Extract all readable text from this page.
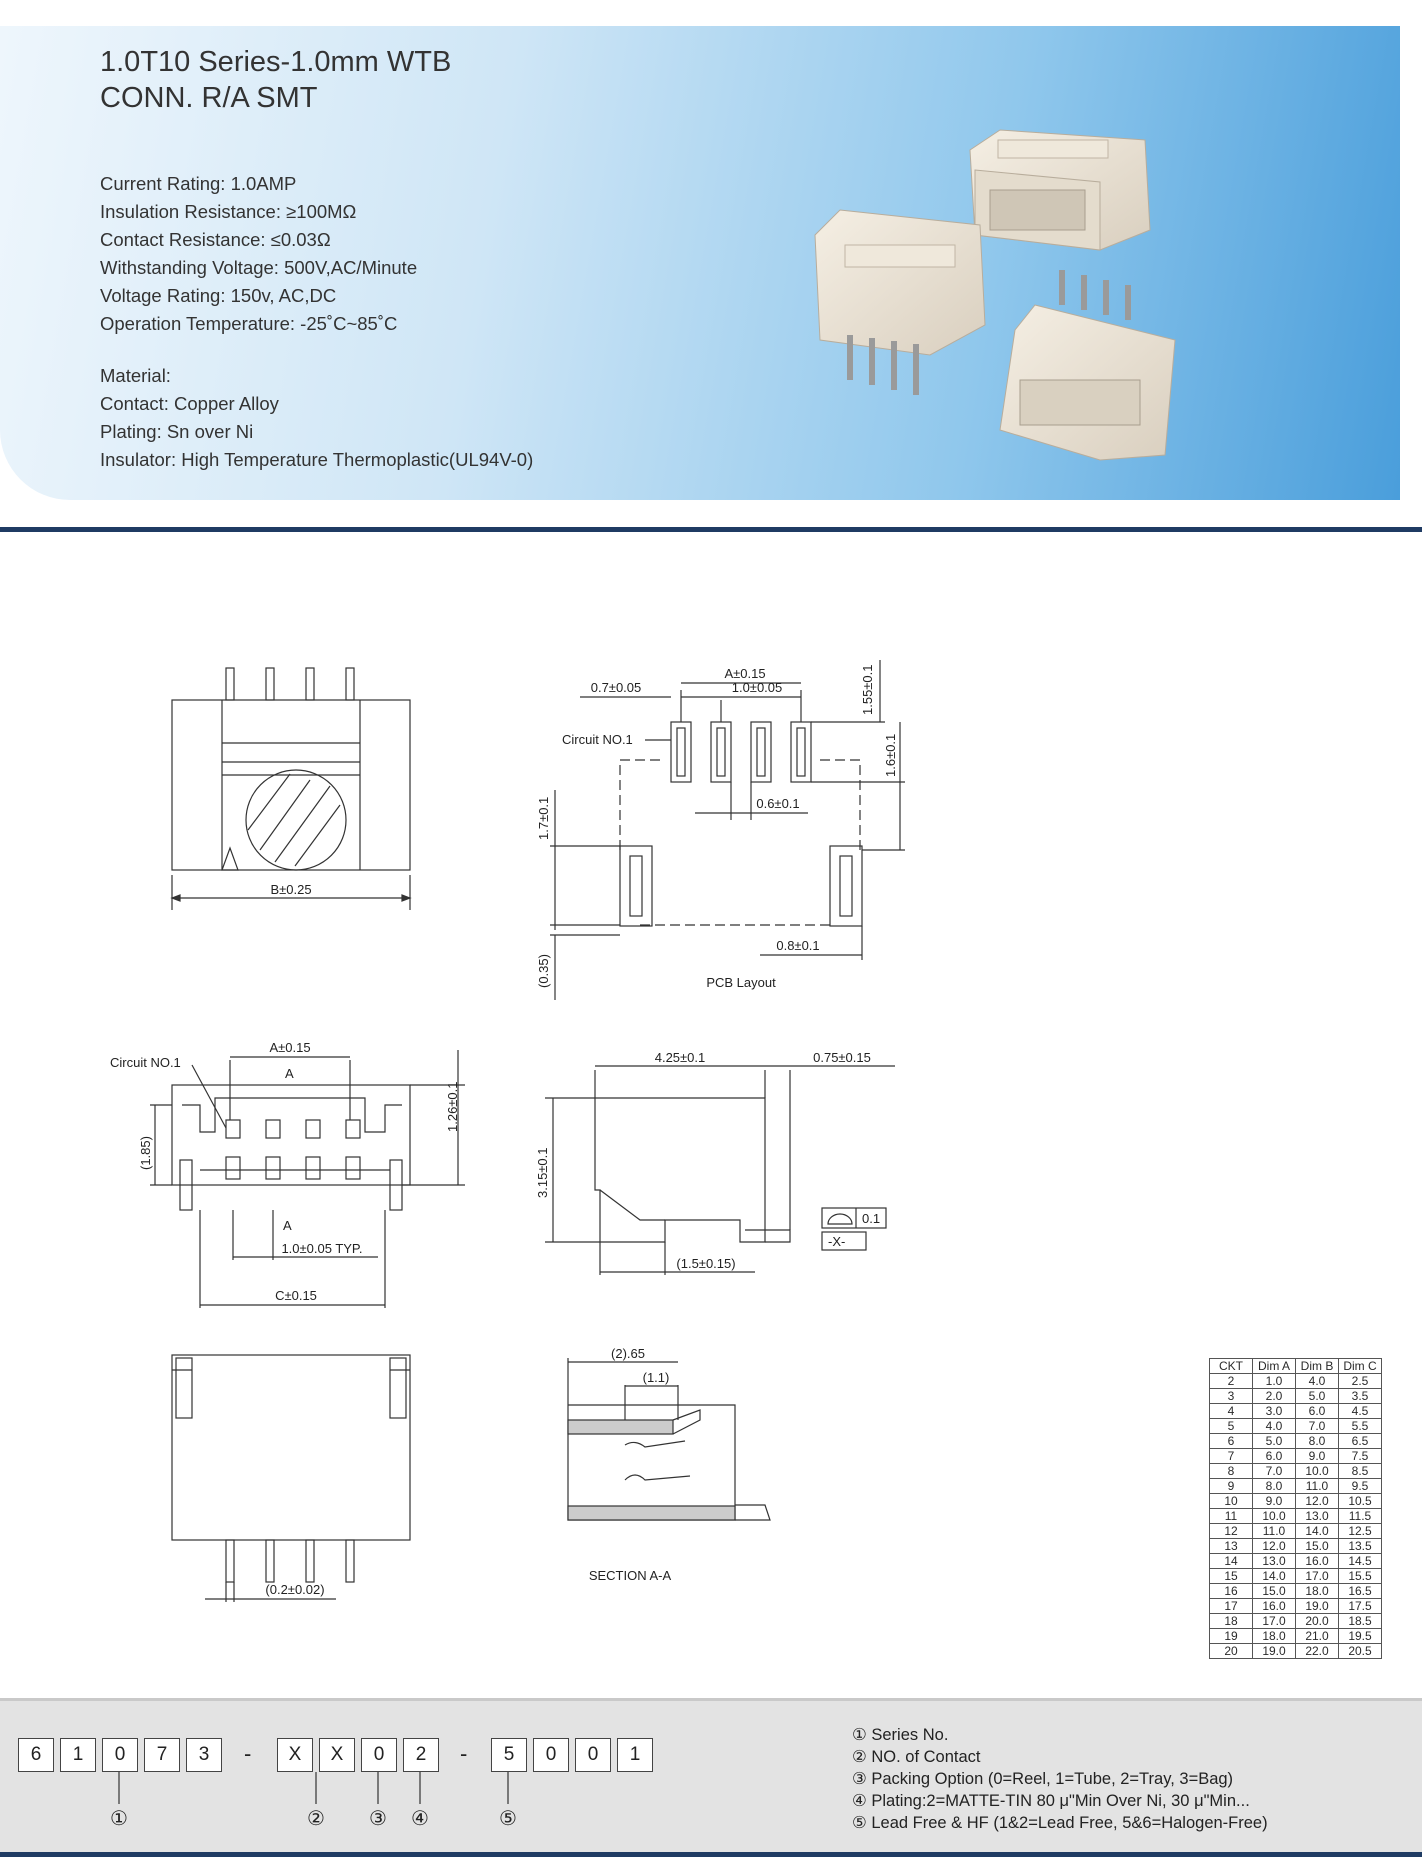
1.0T10 Series-1.0mm WTB
CONN. R/A SMT
Current Rating: 1.0AMP
Insulation Resistance: ≥100MΩ
Contact Resistance: ≤0.03Ω
Withstanding Voltage: 500V,AC/Minute
Voltage Rating: 150v, AC,DC
Operation Temperature: -25˚C~85˚C
Material:
Contact: Copper Alloy
Plating: Sn over Ni
Insulator: High Temperature Thermoplastic(UL94V-0)
B±0.25
A±0.15
1.0±0.05
0.7±0.05
Circuit NO.1
0.6±0.1
1.55±0.1
1.6±0.1
1.7±0.1
(0.35)
0.8±0.1
PCB Layout
A±0.15
Circuit NO.1
A
A
1.26±0.1
(1.85)
1.0±0.05 TYP.
C±0.15
4.25±0.1	0.75±0.15
3.15±0.1
(1.5±0.15)
0.1
-X-
(0.2±0.02)
(2).65
(1.1)
SECTION A-A
CKT	Dim A	Dim B	Dim C
2	1.0	4.0	2.5
3	2.0	5.0	3.5
4	3.0	6.0	4.5
5	4.0	7.0	5.5
6	5.0	8.0	6.5
7	6.0	9.0	7.5
8	7.0	10.0	8.5
9	8.0	11.0	9.5
10	9.0	12.0	10.5
11	10.0	13.0	11.5
12	11.0	14.0	12.5
13	12.0	15.0	13.5
14	13.0	16.0	14.5
15	14.0	17.0	15.5
16	15.0	18.0	16.5
17	16.0	19.0	17.5
18	17.0	20.0	18.5
19	18.0	21.0	19.5
20	19.0	22.0	20.5
6	1	0	7	3	-	X	X	0	2	-	5	0	0	1
①	② ③ ④	⑤
① Series No.
② NO. of Contact
③ Packing Option (0=Reel, 1=Tube, 2=Tray, 3=Bag)
④ Plating:2=MATTE-TIN 80 μ"Min Over Ni, 30 μ"Min...
⑤ Lead Free & HF (1&2=Lead Free, 5&6=Halogen-Free)
